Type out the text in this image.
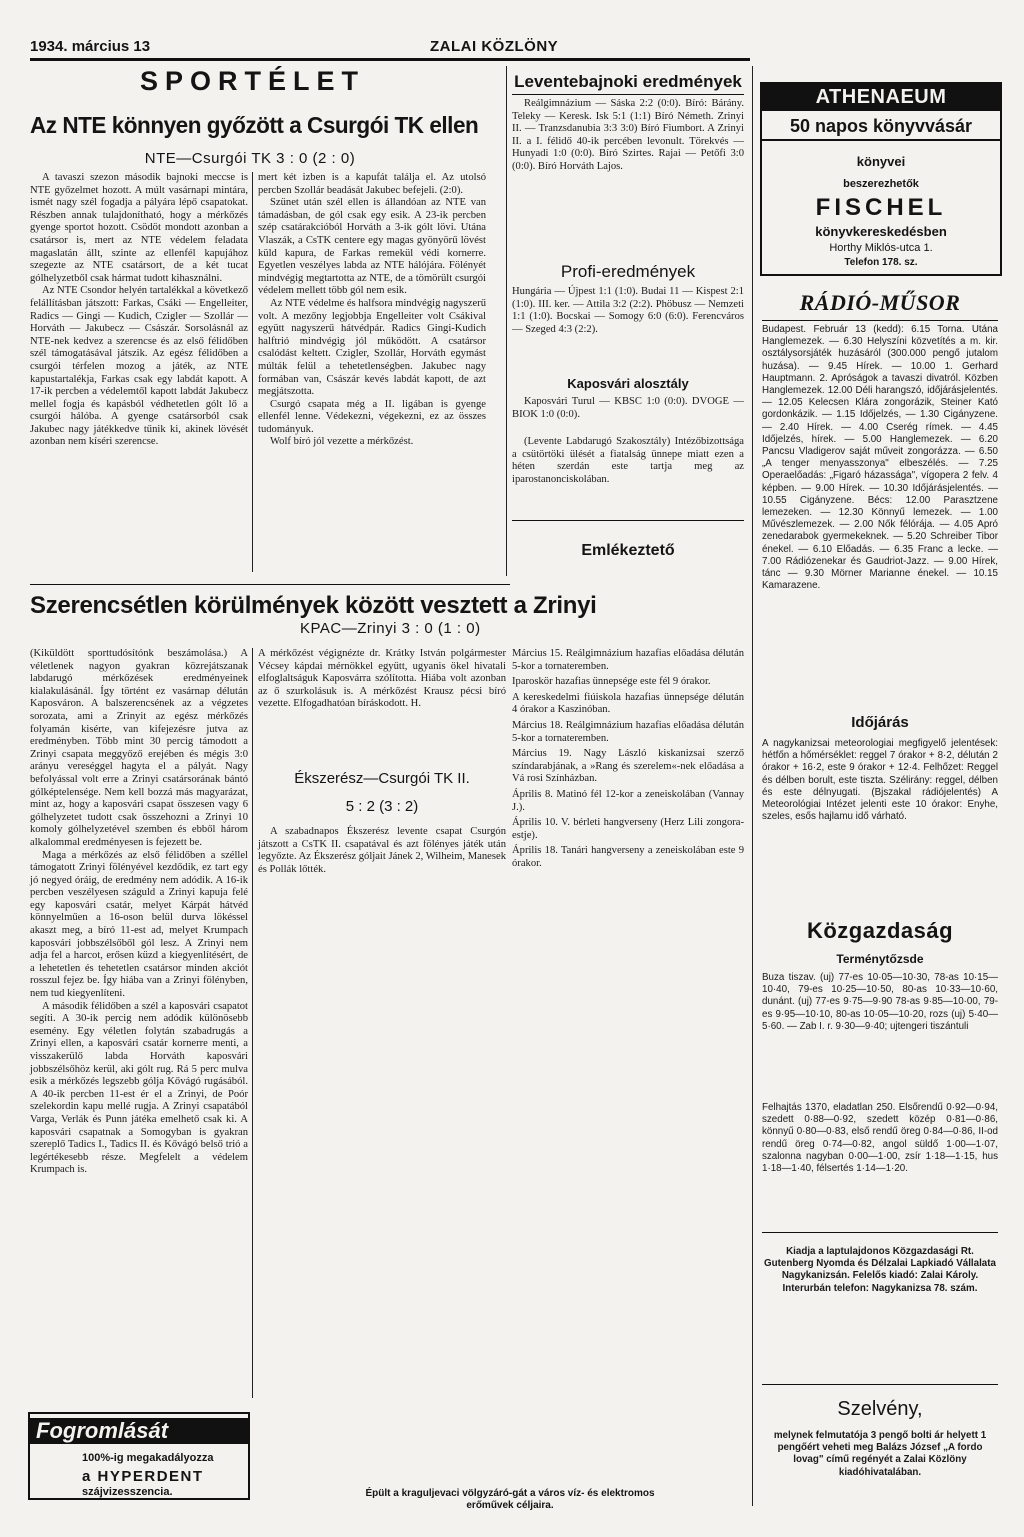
1934. március 13	ZALAI KÖZLÖNY
SPORTÉLET
Az NTE könnyen győzött a Csurgói TK ellen
NTE—Csurgói TK 3 : 0 (2 : 0)

A tavaszi szezon második bajnoki meccse is NTE győzelmet hozott. A múlt vasárnapi mintára, ismét nagy szél fogadja a pályára lépő csapatokat. Részben annak tulajdonítható, hogy a mérkőzés gyenge sportot hozott. Csödöt mondott azonban a csatársor is, mert az NTE védelem feladata magaslatán állt, szinte az ellenfél kapujához szegezte az NTE csatársort, de a két tucat gólhelyzetből csak hármat tudott kihasználni.

Az NTE Csondor helyén tartalékkal a következő felállításban játszott: Farkas, Csáki — Engelleiter, Radics — Gingi — Kudich, Czigler — Szollár — Horváth — Jakubecz — Császár. Sorsolásnál az NTE-nek kedvez a szerencse és az első félidőben szél támogatásával játszik. Az egész félidőben a csurgói térfelen mozog a játék, az NTE kapustartalékja, Farkas csak egy labdát kapott. A 17-ik percben a védelemtől kapott labdát Jakubecz mellel fogja és kapásból védhetetlen gólt lő a csurgói hálóba. A gyenge csatársorból csak Jakubec nagy játékkedve tűnik ki, akinek lövését azonban nem kíséri szerencse.

mert két izben is a kapufát találja el. Az utolsó percben Szollár beadását Jakubec befejeli. (2:0).

Szünet után szél ellen is állandóan az NTE van támadásban, de gól csak egy esik. A 23-ik percben szép csatárakcióból Horváth a 3-ik gólt lövi. Utána Vlaszák, a CsTK centere egy magas gyönyörű lövést küld kapura, de Farkas remekül védi kornerre. Egyetlen veszélyes labda az NTE hálójára. Fölényét mindvégig megtartotta az NTE, de a tömörült csurgói védelem mellett több gól nem esik.

Az NTE védelme és halfsora mindvégig nagyszerű volt. A mezőny legjobbja Engelleiter volt Csákival együtt nagyszerű hátvédpár. Radics Gingi-Kudich halftrió mindvégig jól működött. A csatársor csalódást keltett. Czigler, Szollár, Horváth egymást múlták felül a tehetetlenségben. Jakubec nagy formában van, Császár kevés labdát kapott, de azt megjátszotta.

Csurgó csapata még a II. ligában is gyenge ellenfél lenne. Védekezni, végekezni, ez az összes tudományuk.

Wolf bíró jól vezette a mérkőzést.

Szerencsétlen körülmények között vesztett a Zrinyi
KPAC—Zrinyi 3 : 0 (1 : 0)

(Kiküldött sporttudósítónk beszámolása.) A véletlenek nagyon gyakran közrejátszanak labdarugó mérkőzések eredményeinek kialakulásánál. Így történt ez vasárnap délután Kaposváron. A balszerencsének az a végzetes sorozata, ami a Zrinyit az egész mérkőzés folyamán kisérte, van kifejezésre jutva az eredményben. Több mint 30 percig támodott a Zrinyi csapata meggyőző erejében és mégis 3:0 arányu vereséggel hagyta el a pályát. Nagy befolyással volt erre a Zrinyi csatársorának bántó gólképtelensége. Nem kell bozzá más magyarázat, mint az, hogy a kaposvári csapat összesen vagy 6 gólhelyzetet tudott csak összehozni a Zrinyi 10 komoly gólhelyzetével szemben és ebből három alkalommal eredményesen is fejezett be.

Maga a mérkőzés az első félidőben a széllel támogatott Zrinyi fölényével kezdődik, ez tart egy jó negyed óráig, de eredmény nem adódik. A 16-ik percben veszélyesen száguld a Zrinyi kapuja felé egy kaposvári csatár, melyet Kárpát hátvéd könnyelműen a 16-oson belül durva lökéssel akaszt meg, a bíró 11-est ad, melyet Krumpach kaposvári jobbszélsőből gól lesz. A Zrinyi nem adja fel a harcot, erősen küzd a kiegyenlítésért, de a lehetetlen és tehetetlen csatársor minden akciót rosszul fejez be. Így hiába van a Zrinyi fölényben, nem tud kiegyenlíteni.

A második félidőben a szél a kaposvári csapatot segíti. A 30-ik percig nem adódik különösebb esemény. Egy véletlen folytán szabadrugás a Zrinyi ellen, a kaposvári csatár kornerre menti, a visszakerülő labda Horváth kaposvári jobbszélsőhöz kerül, aki gólt rug. Rá 5 perc mulva esik a mérkőzés legszebb gólja Kővágó rugásából. A 40-ik percben 11-est ér el a Zrinyi, de Poór szelekordin kapu mellé rugja. A Zrinyi csapatából Varga, Verlák és Punn játéka emelhető csak ki. A kaposvári csapatnak a Somogyban is gyakran szereplő Tadics I., Tadics II. és Kővágó belső trió a legértékesebb része. Megfelelt a védelem Krumpach is.

A mérkőzést végignézte dr. Krátky István polgármester Vécsey kápdai mérnökkel együtt, ugyanis ökel hivatali elfoglaltságuk Kaposvárra szólította. Hiába volt azonban az ő szurkolásuk is. A mérkőzést Krausz pécsi bíró vezette. Elfogadhatóan bíráskodott. H.

Ékszerész—Csurgói TK II.
5 : 2 (3 : 2)

A szabadnapos Ékszerész levente csapat Csurgón játszott a CsTK II. csapatával és azt fölényes játék után legyőzte. Az Ékszerész góljait Jánek 2, Wilheim, Manesek és Pollák lőtték.

Fogromlását
100%-ig megakadályozza
a HYPERDENT
szájvizesszencia.	Épült a kraguljevaci völgyzáró-gát a város víz- és elektromos erőművek céljaira.
Leventebajnoki eredmények

Reálgimnázium — Sáska 2:2 (0:0). Bíró: Bárány. Teleky — Keresk. Isk 5:1 (1:1) Bíró Németh. Zrinyi II. — Tranzsdanubia 3:3 3:0) Bíró Fiumbort. A Zrinyi II. a I. félidő 40-ik percében levonult. Törekvés — Hunyadi 1:0 (0:0). Bíró Szirtes. Rajai — Petőfi 3:0 (0:0). Bíró Horváth Lajos.

Profi-eredmények

Hungária — Újpest 1:1 (1:0). Budai 11 — Kispest 2:1 (1:0). III. ker. — Attila 3:2 (2:2). Phöbusz — Nemzeti 1:1 (1:0). Bocskai — Somogy 6:0 (6:0). Ferencváros — Szeged 4:3 (2:2).

Kaposvári alosztály

Kaposvári Turul — KBSC 1:0 (0:0). DVOGE — BIOK 1:0 (0:0).

(Levente Labdarugó Szakosztály) Intézőbizottsága a csütörtöki ülését a fiatalság ünnepe miatt ezen a héten szerdán este tartja meg az iparostanonciskolában.

Emlékeztető

Március 15. Reálgimnázium hazafias előadása délután 5-kor a tornateremben.

Iparoskör hazafias ünnepsége este fél 9 órakor.

A kereskedelmi fiúiskola hazafias ünnepsége délután 4 órakor a Kaszinóban.

Március 18. Reálgimnázium hazafias előadása délután 5-kor a tornateremben.

Március 19. Nagy László kiskanizsai szerző színdarabjának, a »Rang és szerelem«-nek előadása a Vá rosi Színházban.

Április 8. Matinó fél 12-kor a zeneiskolában (Vannay J.).

Április 10. V. bérleti hangverseny (Herz Lili zongora-estje).

Április 18. Tanári hangverseny a zeneiskolában este 9 órakor.

ATHENAEUM
50 napos könyvvásár
könyvei
beszerezhetők
FISCHEL
könyvkereskedésben
Horthy Miklós-utca 1.
Telefon 178. sz.
RÁDIÓ-MŰSOR

Budapest. Február 13 (kedd): 6.15 Torna. Utána Hanglemezek. — 6.30 Helyszíni közvetítés a m. kir. osztálysorsjáték huzásáról (300.000 pengő jutalom huzása). — 9.45 Hírek. — 10.00 1. Gerhard Hauptmann. 2. Apróságok a tavaszi divatról. Közben Hanglemezek. 12.00 Déli harangszó, időjárásjelentés. — 12.05 Kelecsen Klára zongorázik, Steiner Kató gordonkázik. — 1.15 Időjelzés, — 1.30 Cigányzene. — 2.40 Hírek. — 4.00 Cserég rímek. — 4.45 Időjelzés, hírek. — 5.00 Hanglemezek. — 6.20 Pancsu Vladigerov saját műveit zongorázza. — 6.50 „A tenger menyasszonya" elbeszélés. — 7.25 Operaelőadás: „Figaró házassága", vígopera 2 felv. 4 képben. — 9.00 Hírek. — 10.30 Időjárásjelentés. — 10.55 Cigányzene. Bécs: 12.00 Parasztzene lemezeken. — 12.30 Könnyű lemezek. — 1.00 Művészlemezek. — 2.00 Nők félórája. — 4.05 Apró zenedarabok gyermekeknek. — 5.20 Schreiber Tibor énekel. — 6.10 Előadás. — 6.35 Franc a lecke. — 7.00 Rádiózenekar és Gaudriot-Jazz. — 9.00 Hírek, tánc — 9.30 Mörner Marianne énekel. — 10.15 Kamarazene.

Időjárás

A nagykanizsai meteorologiai megfigyelő jelentések: hétfőn a hőmérséklet: reggel 7 órakor + 8·2, délután 2 órakor + 16·2, este 9 órakor + 12·4. Felhőzet: Reggel és délben borult, este tiszta. Szélirány: reggel, délben és este délnyugati. (Bjszakal rádiójelentés) A Meteorológiai Intézet jelenti este 10 órakor: Enyhe, szeles, esős hajlamu idő várható.

Közgazdaság
Terménytőzsde

Buza tiszav. (uj) 77-es 10·05—10·30, 78-as 10·15—10·40, 79-es 10·25—10·50, 80-as 10·33—10·60, dunánt. (uj) 77-es 9·75—9·90 78-as 9·85—10·00, 79-es 9·95—10·10, 80-as 10·05—10·20, rozs (uj) 5·40—5·60. — Zab I. r. 9·30—9·40; ujtengeri tiszántuli

Felhajtás 1370, eladatlan 250. Elsőrendű 0·92—0·94, szedett 0·88—0·92, szedett közép 0·81—0·86, könnyű 0·80—0·83, első rendű öreg 0·84—0·86, II-od rendű öreg 0·74—0·82, angol süldő 1·00—1·07, szalonna nagyban 0·00—1·00, zsír 1·18—1·15, hus 1·18—1·40, félsertés 1·14—1·20.

Kiadja a laptulajdonos Közgazdasági Rt. Gutenberg Nyomda és Délzalai Lapkiadó Vállalata Nagykanizsán. Felelős kiadó: Zalai Károly. Interurbán telefon: Nagykanizsa 78. szám.

Szelvény,

melynek felmutatója 3 pengő bolti ár helyett 1 pengőért veheti meg Balázs József „A fordo lovag" című regényét a Zalai Közlöny kiadóhivatalában.
